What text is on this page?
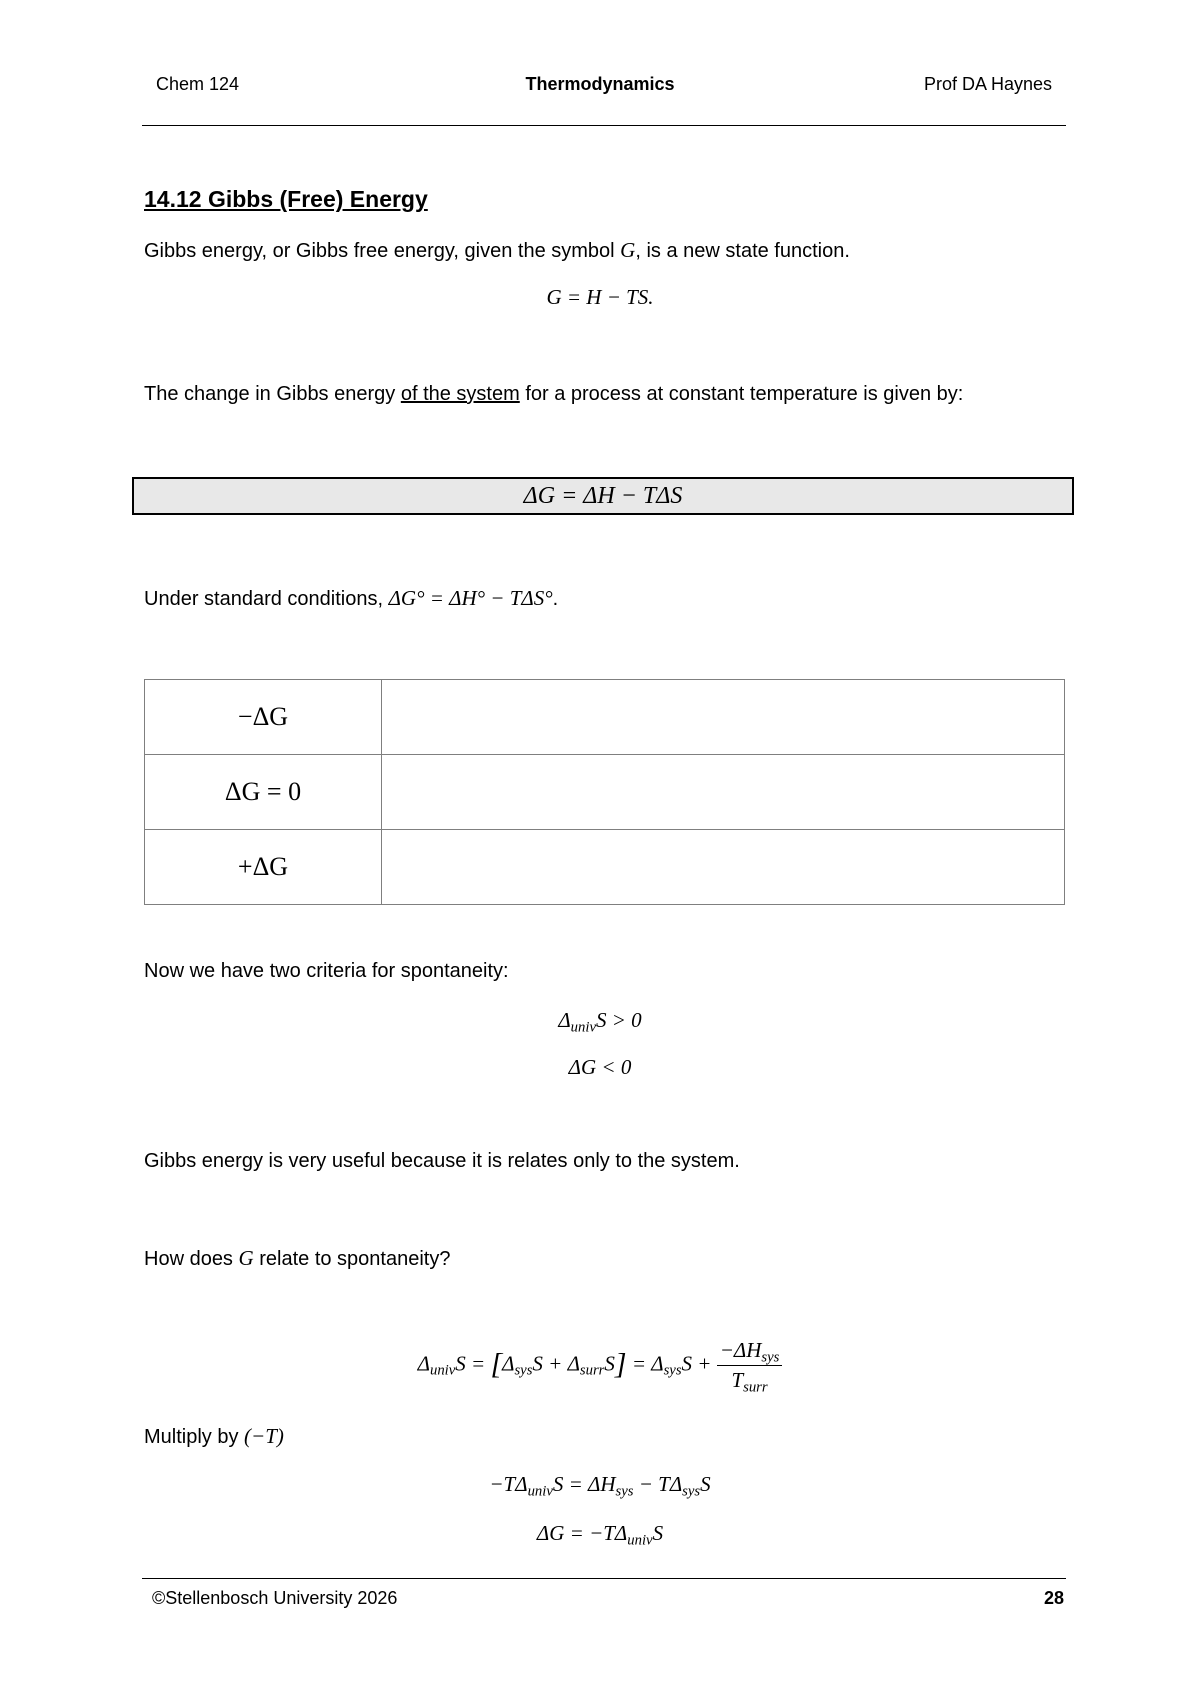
Chem 124	Thermodynamics	Prof DA Haynes
14.12 Gibbs (Free) Energy
Gibbs energy, or Gibbs free energy, given the symbol G, is a new state function.
G = H − TS.
The change in Gibbs energy of the system for a process at constant temperature is given by:
ΔG = ΔH − TΔS
Under standard conditions, ΔG° = ΔH° − TΔS°.
−ΔG	
ΔG = 0	
+ΔG	
Now we have two criteria for spontaneity:
$\Delta_{univ}S > 0$
ΔG < 0
Gibbs energy is very useful because it is relates only to the system.
How does G relate to spontaneity?
$\Delta_{univ}S = [\Delta_{sys}S + \Delta_{surr}S] = \Delta_{sys}S + \frac{-\Delta H_{sys}}{T_{surr}}$
Multiply by (−T)
$-T\Delta_{univ}S = \Delta H_{sys} - T\Delta_{sys}S$
$\Delta G = -T\Delta_{univ}S$
©Stellenbosch University 2026	28
